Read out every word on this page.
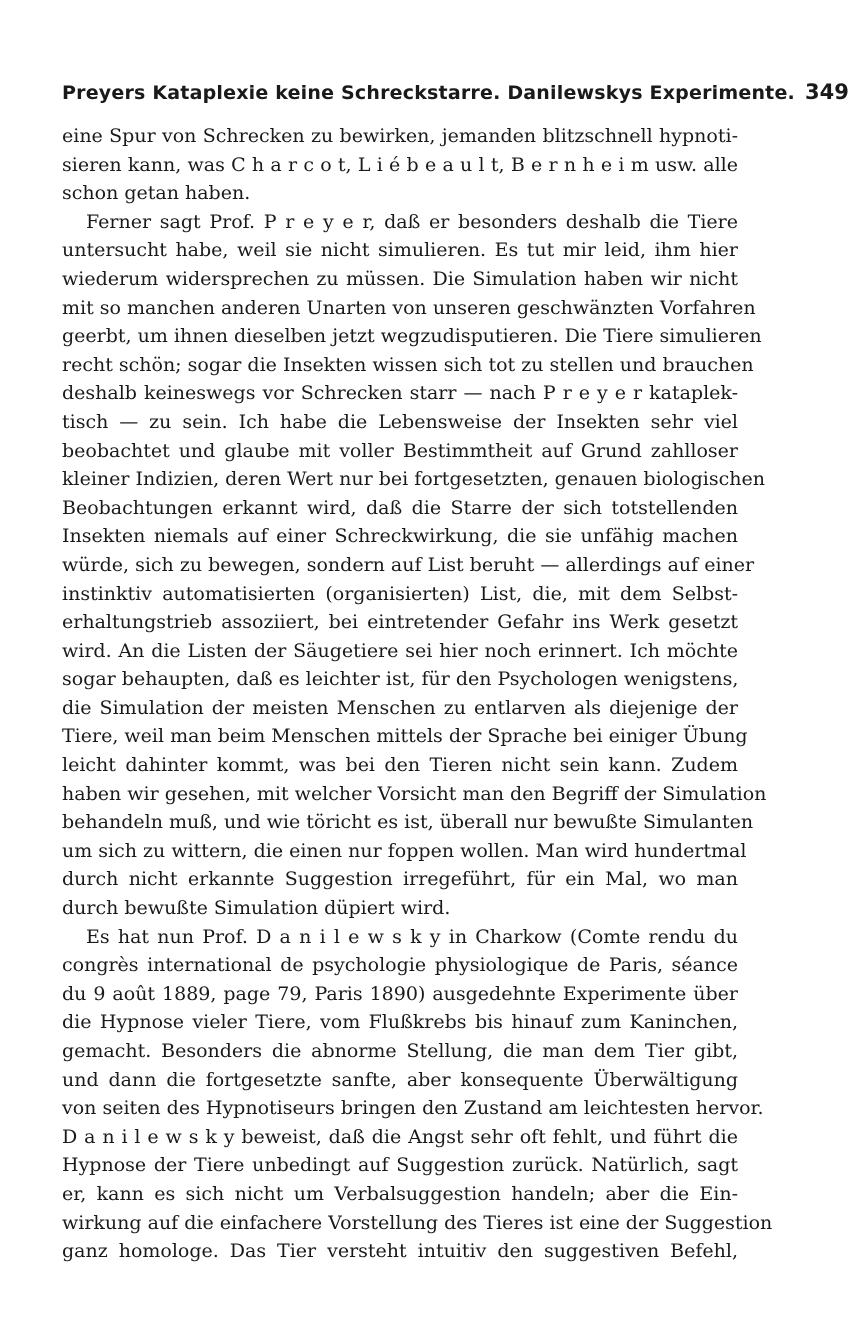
Preyers Kataplexie keine Schreckstarre. Danilewskys Experimente. 349
eine Spur von Schrecken zu bewirken, jemanden blitzschnell hypnoti-
sieren kann, was C h a r c o t, L i é b e a u l t, B e r n h e i m usw. alle
schon getan haben.
Ferner sagt Prof. P r e y e r, daß er besonders deshalb die Tiere
untersucht habe, weil sie nicht simulieren. Es tut mir leid, ihm hier
wiederum widersprechen zu müssen. Die Simulation haben wir nicht
mit so manchen anderen Unarten von unseren geschwänzten Vorfahren
geerbt, um ihnen dieselben jetzt wegzudisputieren. Die Tiere simulieren
recht schön; sogar die Insekten wissen sich tot zu stellen und brauchen
deshalb keineswegs vor Schrecken starr — nach P r e y e r kataplek-
tisch — zu sein. Ich habe die Lebensweise der Insekten sehr viel
beobachtet und glaube mit voller Bestimmtheit auf Grund zahlloser
kleiner Indizien, deren Wert nur bei fortgesetzten, genauen biologischen
Beobachtungen erkannt wird, daß die Starre der sich totstellenden
Insekten niemals auf einer Schreckwirkung, die sie unfähig machen
würde, sich zu bewegen, sondern auf List beruht — allerdings auf einer
instinktiv automatisierten (organisierten) List, die, mit dem Selbst-
erhaltungstrieb assoziiert, bei eintretender Gefahr ins Werk gesetzt
wird. An die Listen der Säugetiere sei hier noch erinnert. Ich möchte
sogar behaupten, daß es leichter ist, für den Psychologen wenigstens,
die Simulation der meisten Menschen zu entlarven als diejenige der
Tiere, weil man beim Menschen mittels der Sprache bei einiger Übung
leicht dahinter kommt, was bei den Tieren nicht sein kann. Zudem
haben wir gesehen, mit welcher Vorsicht man den Begriff der Simulation
behandeln muß, und wie töricht es ist, überall nur bewußte Simulanten
um sich zu wittern, die einen nur foppen wollen. Man wird hundertmal
durch nicht erkannte Suggestion irregeführt, für ein Mal, wo man
durch bewußte Simulation düpiert wird.
Es hat nun Prof. D a n i l e w s k y in Charkow (Comte rendu du
congrès international de psychologie physiologique de Paris, séance
du 9 août 1889, page 79, Paris 1890) ausgedehnte Experimente über
die Hypnose vieler Tiere, vom Flußkrebs bis hinauf zum Kaninchen,
gemacht. Besonders die abnorme Stellung, die man dem Tier gibt,
und dann die fortgesetzte sanfte, aber konsequente Überwältigung
von seiten des Hypnotiseurs bringen den Zustand am leichtesten hervor.
D a n i l e w s k y beweist, daß die Angst sehr oft fehlt, und führt die
Hypnose der Tiere unbedingt auf Suggestion zurück. Natürlich, sagt
er, kann es sich nicht um Verbalsuggestion handeln; aber die Ein-
wirkung auf die einfachere Vorstellung des Tieres ist eine der Suggestion
ganz homologe. Das Tier versteht intuitiv den suggestiven Befehl,
